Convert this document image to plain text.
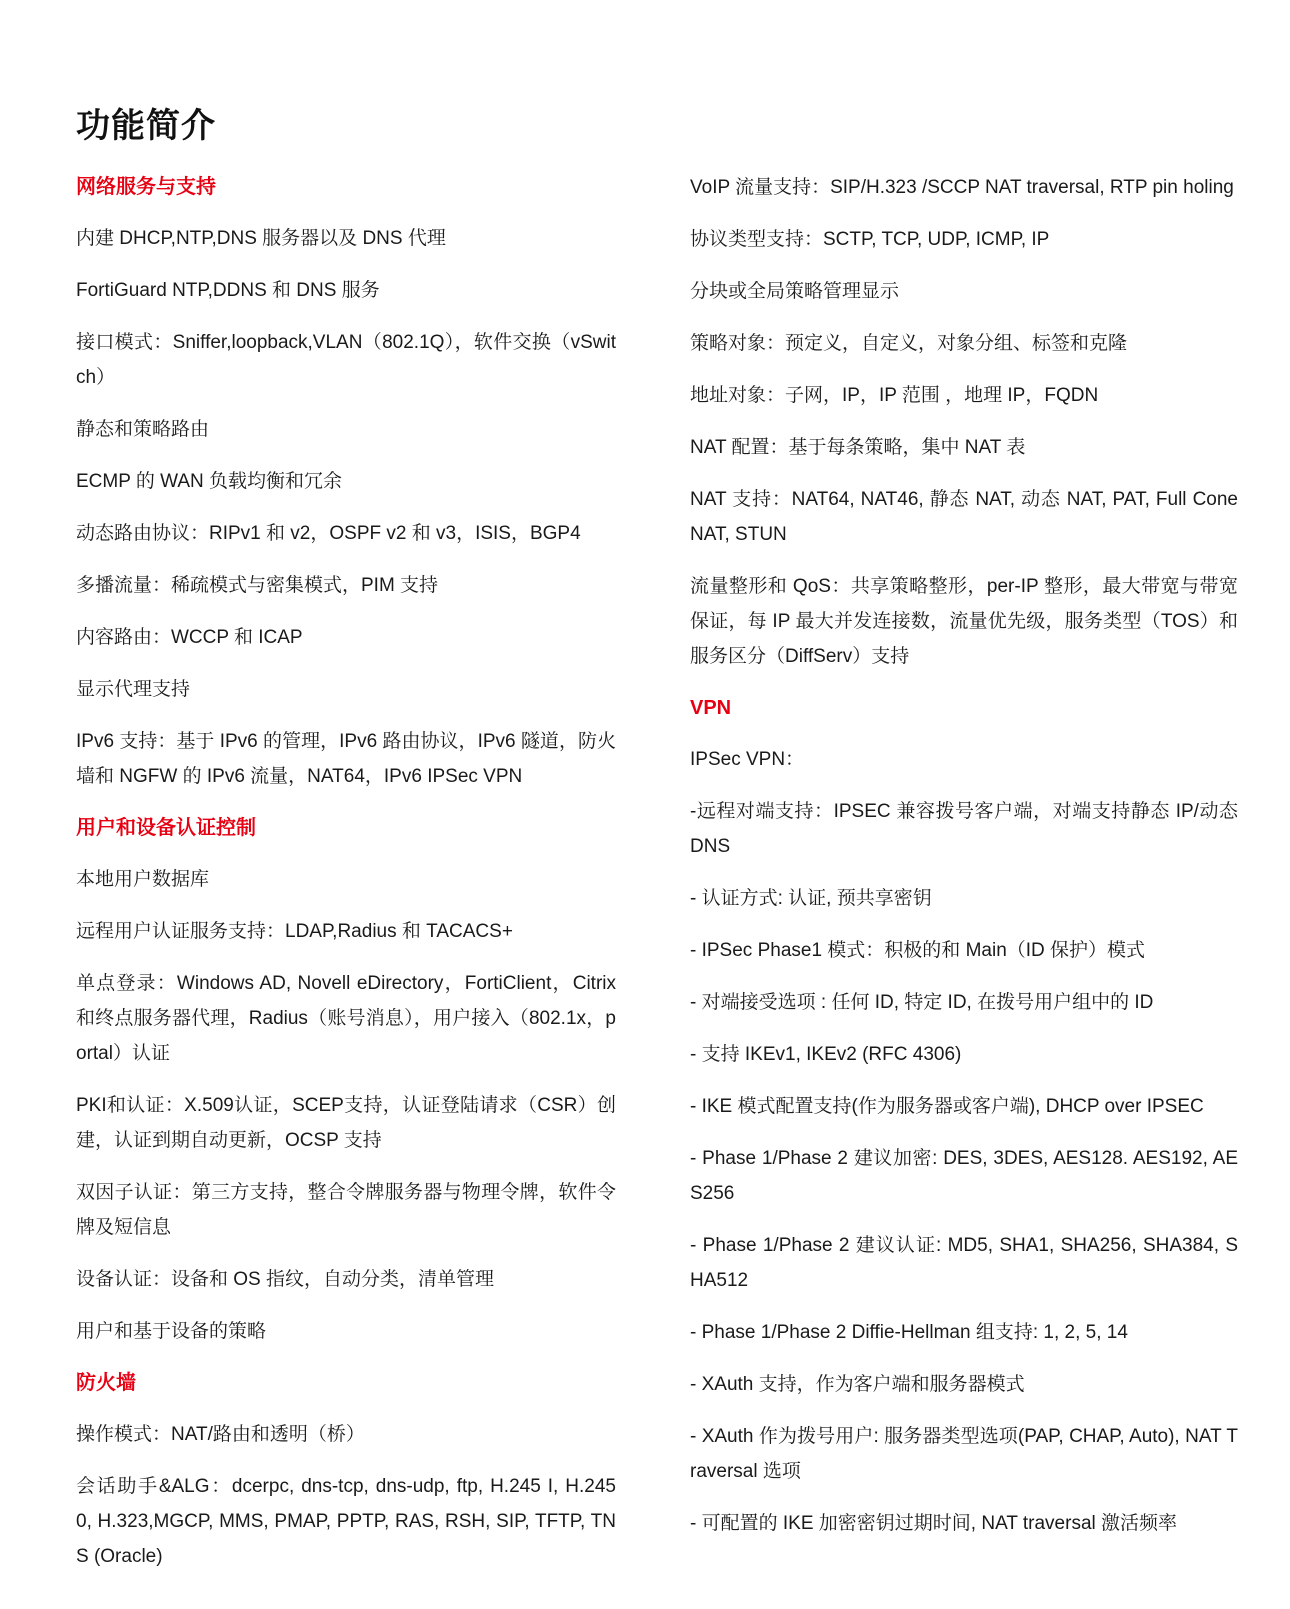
功能简介
网络服务与支持
内建 DHCP,NTP,DNS 服务器以及 DNS 代理
FortiGuard NTP,DDNS 和 DNS 服务
接口模式：Sniffer,loopback,VLAN（802.1Q），软件交换（vSwitch）
静态和策略路由
ECMP 的 WAN 负载均衡和冗余
动态路由协议：RIPv1 和 v2，OSPF v2 和 v3，ISIS，BGP4
多播流量：稀疏模式与密集模式，PIM 支持
内容路由：WCCP 和 ICAP
显示代理支持
IPv6 支持：基于 IPv6 的管理，IPv6 路由协议，IPv6 隧道，防火墙和 NGFW 的 IPv6 流量，NAT64，IPv6 IPSec VPN
用户和设备认证控制
本地用户数据库
远程用户认证服务支持：LDAP,Radius 和 TACACS+
单点登录：Windows AD, Novell eDirectory，FortiClient，Citrix 和终点服务器代理，Radius（账号消息），用户接入（802.1x，portal）认证
PKI和认证：X.509认证，SCEP支持，认证登陆请求（CSR）创建，认证到期自动更新，OCSP 支持
双因子认证：第三方支持，整合令牌服务器与物理令牌，软件令牌及短信息
设备认证：设备和 OS 指纹，自动分类，清单管理
用户和基于设备的策略
防火墙
操作模式：NAT/路由和透明（桥）
会话助手&ALG：dcerpc, dns-tcp, dns-udp, ftp, H.245 I, H.245 0, H.323,MGCP, MMS, PMAP, PPTP, RAS, RSH, SIP, TFTP, TNS (Oracle)
VoIP 流量支持：SIP/H.323 /SCCP NAT traversal, RTP pin holing
协议类型支持：SCTP, TCP, UDP, ICMP, IP
分块或全局策略管理显示
策略对象：预定义，自定义，对象分组、标签和克隆
地址对象：子网，IP，IP 范围 ，地理 IP，FQDN
NAT 配置：基于每条策略，集中 NAT 表
NAT 支持：NAT64, NAT46, 静态 NAT, 动态 NAT, PAT, Full Cone NAT, STUN
流量整形和 QoS：共享策略整形，per-IP 整形，最大带宽与带宽保证，每 IP 最大并发连接数，流量优先级，服务类型（TOS）和服务区分（DiffServ）支持
VPN
IPSec VPN：
-远程对端支持：IPSEC 兼容拨号客户端，对端支持静态 IP/动态 DNS
- 认证方式: 认证, 预共享密钥
- IPSec Phase1 模式：积极的和 Main（ID 保护）模式
- 对端接受选项 : 任何 ID, 特定 ID, 在拨号用户组中的 ID
- 支持 IKEv1, IKEv2 (RFC 4306)
- IKE 模式配置支持(作为服务器或客户端), DHCP over IPSEC
- Phase 1/Phase 2 建议加密: DES, 3DES, AES128. AES192, AES256
- Phase 1/Phase 2 建议认证: MD5, SHA1, SHA256, SHA384, SHA512
- Phase 1/Phase 2 Diffie-Hellman 组支持: 1, 2, 5, 14
- XAuth 支持，作为客户端和服务器模式
- XAuth 作为拨号用户: 服务器类型选项(PAP, CHAP, Auto), NAT Traversal 选项
- 可配置的 IKE 加密密钥过期时间, NAT traversal 激活频率
